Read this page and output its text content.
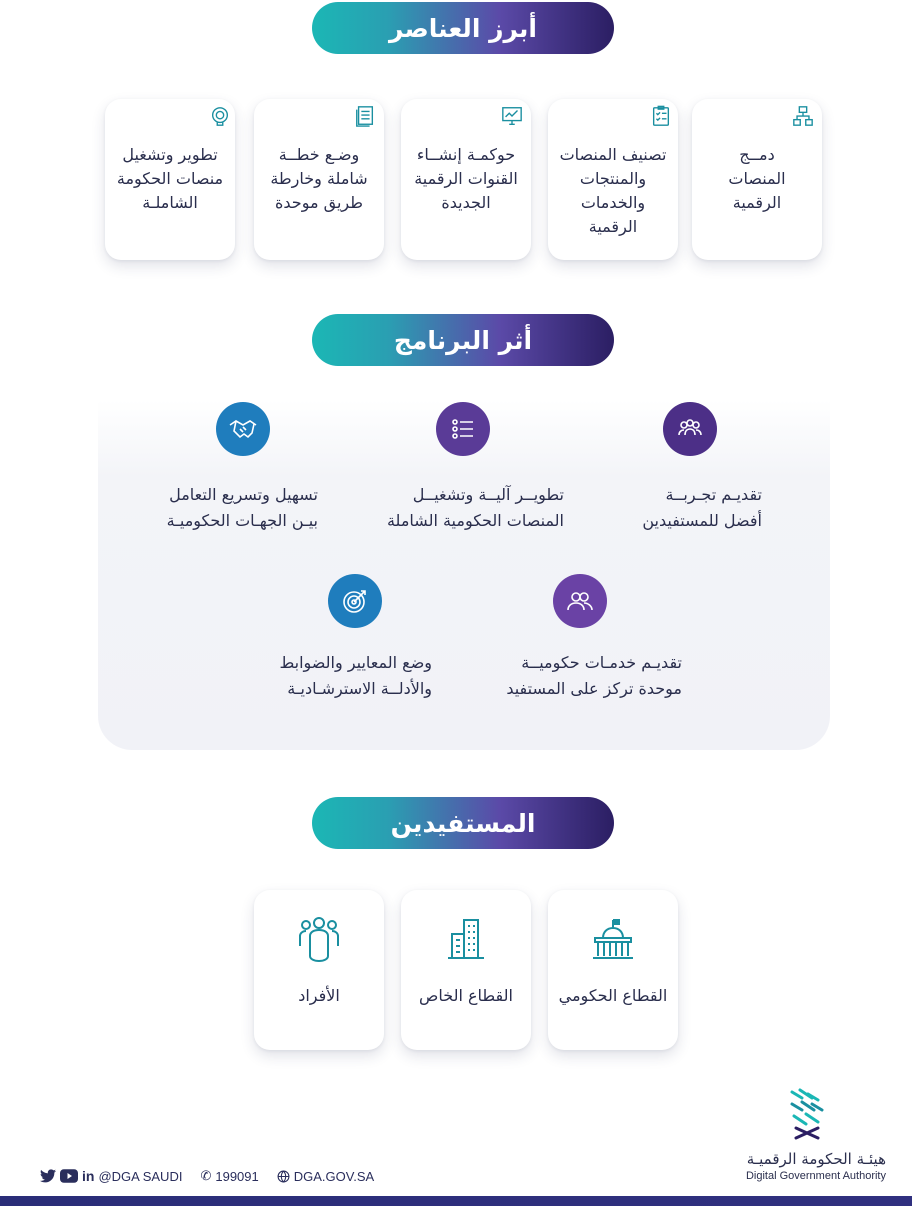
أبرز العناصر
دمــج
المنصات
الرقمية
تصنيف المنصات
والمنتجات
والخدمات الرقمية
حوكمـة إنشــاء
القنوات الرقمية
الجديدة
وضـع خطــة
شاملة وخارطة
طريق موحدة
تطوير وتشغيل
منصات الحكومة
الشاملـة
أثر البرنامج
تقديـم تجـربــة
أفضل للمستفيدين
تطويــر آليــة وتشغيــل
المنصات الحكومية الشاملة
تسهيل وتسريع التعامل
بيـن الجهـات الحكوميـة
تقديـم خدمـات حكوميــة
موحدة تركز على المستفيد
وضع المعايير والضوابط
والأدلــة الاسترشـاديـة
المستفيدين
القطاع الحكومي
القطاع الخاص
الأفراد
هيئـة الحكومة الرقميـة
Digital Government Authority
in @DGA SAUDI ✆ 199091	DGA.GOV.SA
